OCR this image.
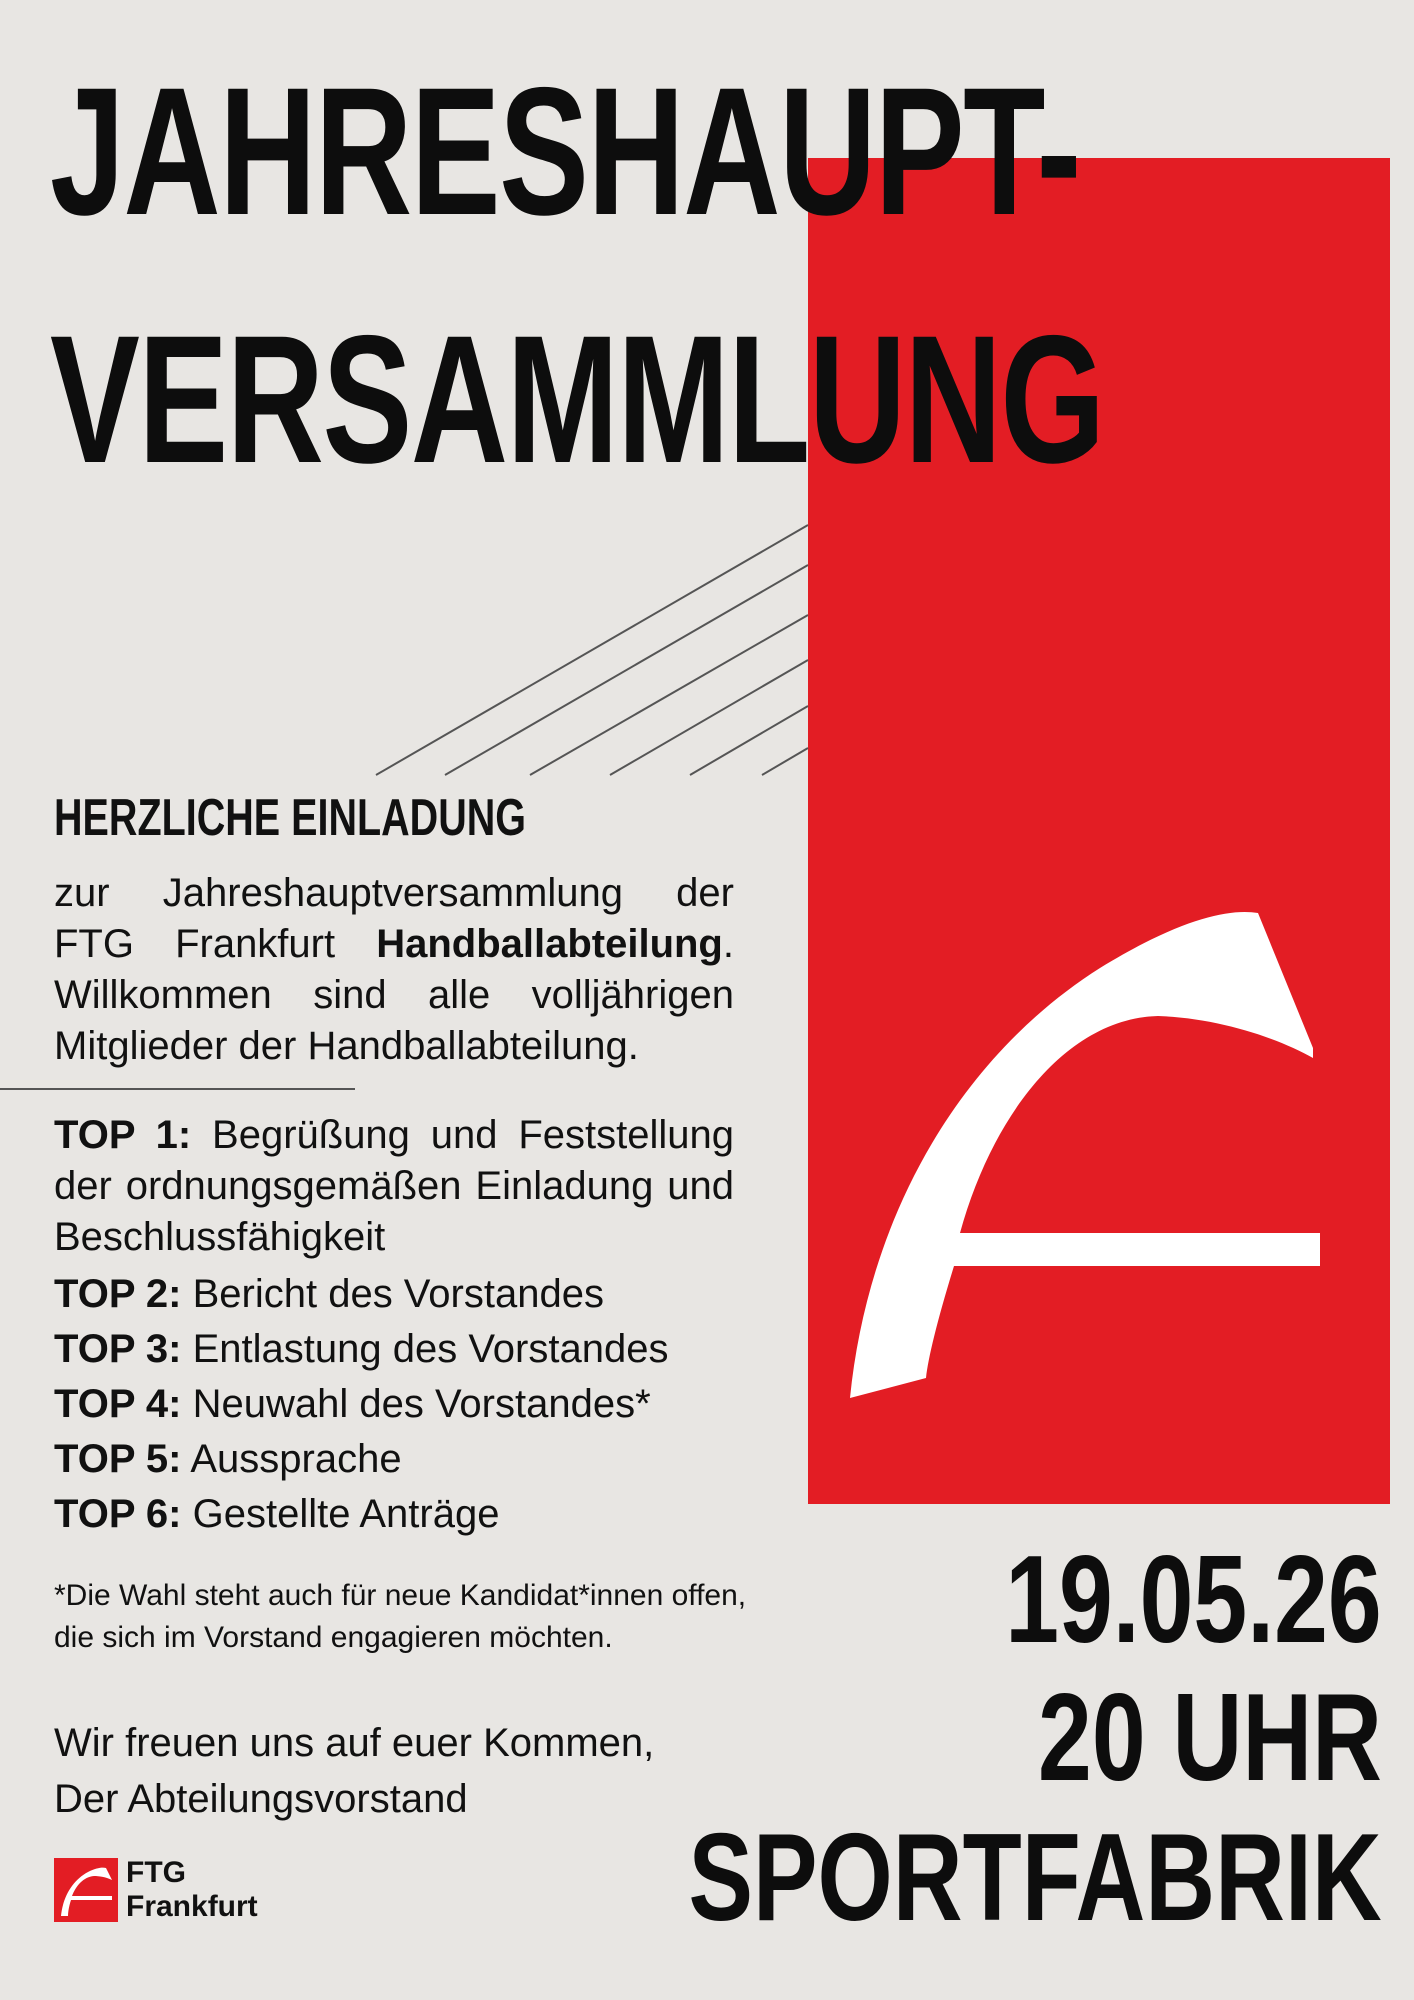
JAHRESHAUPT-
VERSAMMLUNG
HERZLICHE EINLADUNG
zur Jahreshauptversammlung der FTG Frankfurt Handballabteilung. Willkommen sind alle volljährigen Mitglieder der Handballabteilung.
TOP 1: Begrüßung und Feststellung der ordnungsgemäßen Einladung und Beschlussfähigkeit
TOP 2: Bericht des Vorstandes
TOP 3: Entlastung des Vorstandes
TOP 4: Neuwahl des Vorstandes*
TOP 5: Aussprache
TOP 6: Gestellte Anträge
*Die Wahl steht auch für neue Kandidat*innen offen,
die sich im Vorstand engagieren möchten.
Wir freuen uns auf euer Kommen,
Der Abteilungsvorstand
FTG
Frankfurt
19.05.26
20 UHR
SPORTFABRIK
